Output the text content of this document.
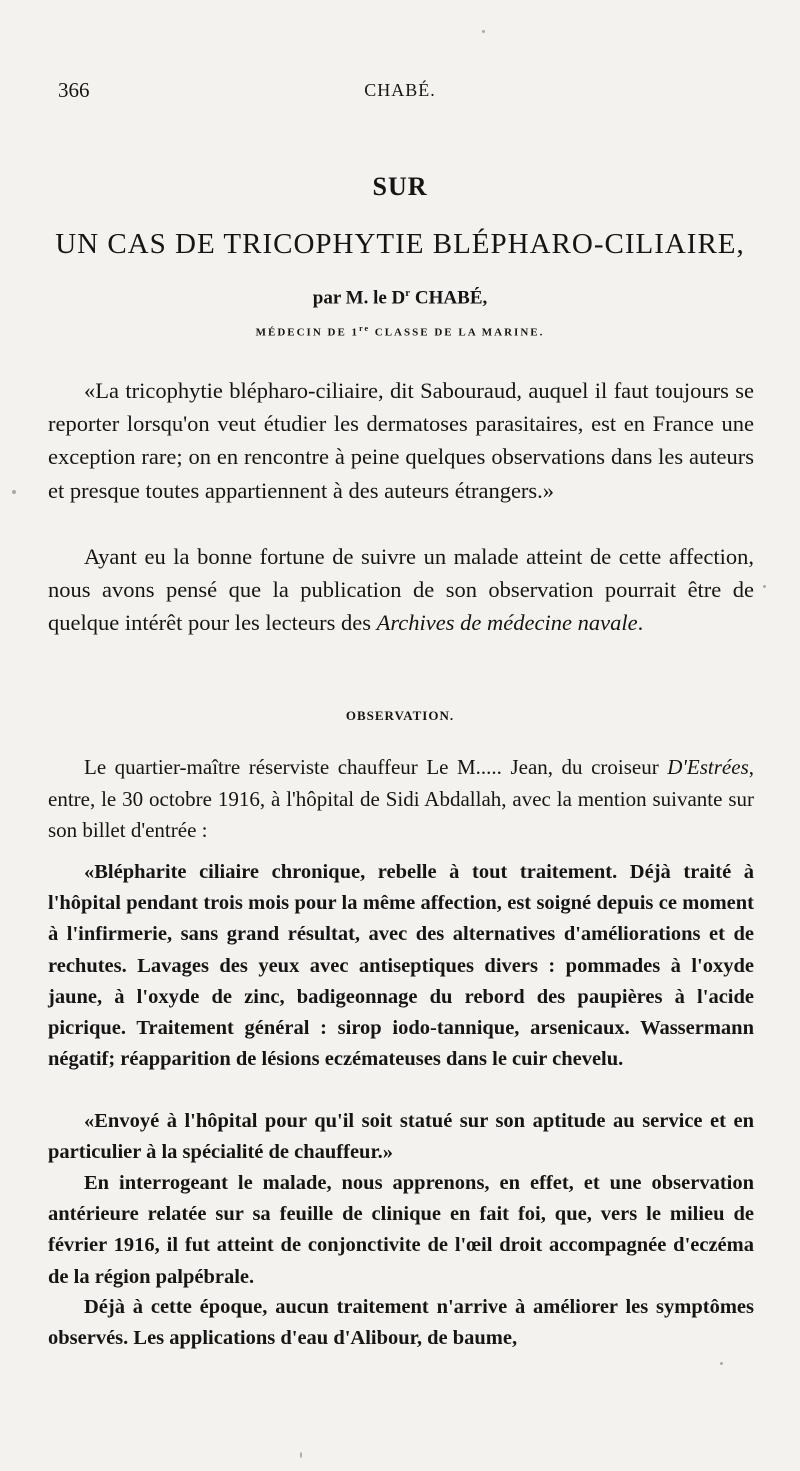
366	CHABÉ.
SUR
UN CAS DE TRICOPHYTIE BLÉPHARO-CILIAIRE,
par M. le $D^r$ CHABÉ,
MÉDECIN DE 1re CLASSE DE LA MARINE.

«La tricophytie blépharo-ciliaire, dit Sabouraud, auquel il faut toujours se reporter lorsqu'on veut étudier les dermatoses parasitaires, est en France une exception rare; on en rencontre à peine quelques observations dans les auteurs et presque toutes appartiennent à des auteurs étrangers.»

Ayant eu la bonne fortune de suivre un malade atteint de cette affection, nous avons pensé que la publication de son observation pourrait être de quelque intérêt pour les lecteurs des Archives de médecine navale.

OBSERVATION.

Le quartier-maître réserviste chauffeur Le M..... Jean, du croiseur D'Estrées, entre, le 30 octobre 1916, à l'hôpital de Sidi Abdallah, avec la mention suivante sur son billet d'entrée :

«Blépharite ciliaire chronique, rebelle à tout traitement. Déjà traité à l'hôpital pendant trois mois pour la même affection, est soigné depuis ce moment à l'infirmerie, sans grand résultat, avec des alternatives d'améliorations et de rechutes. Lavages des yeux avec antiseptiques divers : pommades à l'oxyde jaune, à l'oxyde de zinc, badigeonnage du rebord des paupières à l'acide picrique. Traitement général : sirop iodo-tannique, arsenicaux. Wassermann négatif; réapparition de lésions eczémateuses dans le cuir chevelu.

«Envoyé à l'hôpital pour qu'il soit statué sur son aptitude au service et en particulier à la spécialité de chauffeur.»

En interrogeant le malade, nous apprenons, en effet, et une observation antérieure relatée sur sa feuille de clinique en fait foi, que, vers le milieu de février 1916, il fut atteint de conjonctivite de l'œil droit accompagnée d'eczéma de la région palpébrale.

Déjà à cette époque, aucun traitement n'arrive à améliorer les symptômes observés. Les applications d'eau d'Alibour, de baume,
